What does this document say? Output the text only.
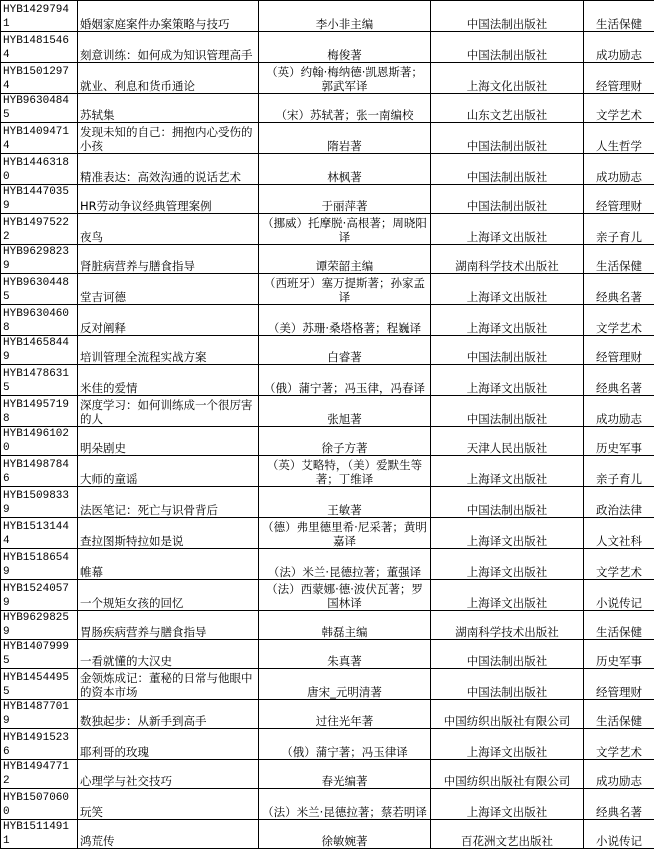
HYB14297941	婚姻家庭案件办案策略与技巧	李小非主编	中国法制出版社	生活保健
HYB14815464	刻意训练：如何成为知识管理高手	梅俊著	中国法制出版社	成功励志
HYB15012974	就业、利息和货币通论	（英）约翰·梅纳德·凯恩斯著；郭武军译	上海文化出版社	经管理财
HYB96304845	苏轼集	（宋）苏轼著；张一南编校	山东文艺出版社	文学艺术
HYB14094714	发现未知的自己：拥抱内心受伤的小孩	隋岩著	中国法制出版社	人生哲学
HYB14463180	精准表达：高效沟通的说话艺术	林枫著	中国法制出版社	成功励志
HYB14470359	HR劳动争议经典管理案例	于丽萍著	中国法制出版社	经管理财
HYB14975222	夜鸟	（挪威）托摩脱·高根著；周晓阳译	上海译文出版社	亲子育儿
HYB96298239	肾脏病营养与膳食指导	谭荣韶主编	湖南科学技术出版社	生活保健
HYB96304485	堂吉诃德	（西班牙）塞万提斯著；孙家孟译	上海译文出版社	经典名著
HYB96304608	反对阐释	（美）苏珊·桑塔格著；程巍译	上海译文出版社	文学艺术
HYB14658449	培训管理全流程实战方案	白睿著	中国法制出版社	经管理财
HYB14786315	米佳的爱情	（俄）蒲宁著；冯玉律，冯春译	上海译文出版社	经典名著
HYB14957198	深度学习：如何训练成一个很厉害的人	张旭著	中国法制出版社	成功励志
HYB14961020	明朵剧史	徐子方著	天津人民出版社	历史军事
HYB14987846	大师的童谣	（英）艾略特，（美）爱默生等著；丁维译	上海译文出版社	亲子育儿
HYB15098339	法医笔记：死亡与识骨背后	王敏著	中国法制出版社	政治法律
HYB15131444	查拉图斯特拉如是说	（德）弗里德里希·尼采著；黄明嘉译	上海译文出版社	人文社科
HYB15186549	帷幕	（法）米兰·昆德拉著；董强译	上海译文出版社	文学艺术
HYB15240579	一个规矩女孩的回忆	（法）西蒙娜·德·波伏瓦著；罗国林译	上海译文出版社	小说传记
HYB96298259	胃肠疾病营养与膳食指导	韩磊主编	湖南科学技术出版社	生活保健
HYB14079995	一看就懂的大汉史	朱真著	中国法制出版社	历史军事
HYB14544955	金领炼成记：董秘的日常与他眼中的资本市场	唐宋_元明清著	中国法制出版社	经管理财
HYB14877019	数独起步：从新手到高手	过往光年著	中国纺织出版社有限公司	生活保健
HYB14915236	耶利哥的玫瑰	（俄）蒲宁著；冯玉律译	上海译文出版社	文学艺术
HYB14947712	心理学与社交技巧	春光编著	中国纺织出版社有限公司	成功励志
HYB15070600	玩笑	（法）米兰·昆德拉著；蔡若明译	上海译文出版社	经典名著
HYB15114911	鸿荒传	徐敏婉著	百花洲文艺出版社	小说传记
